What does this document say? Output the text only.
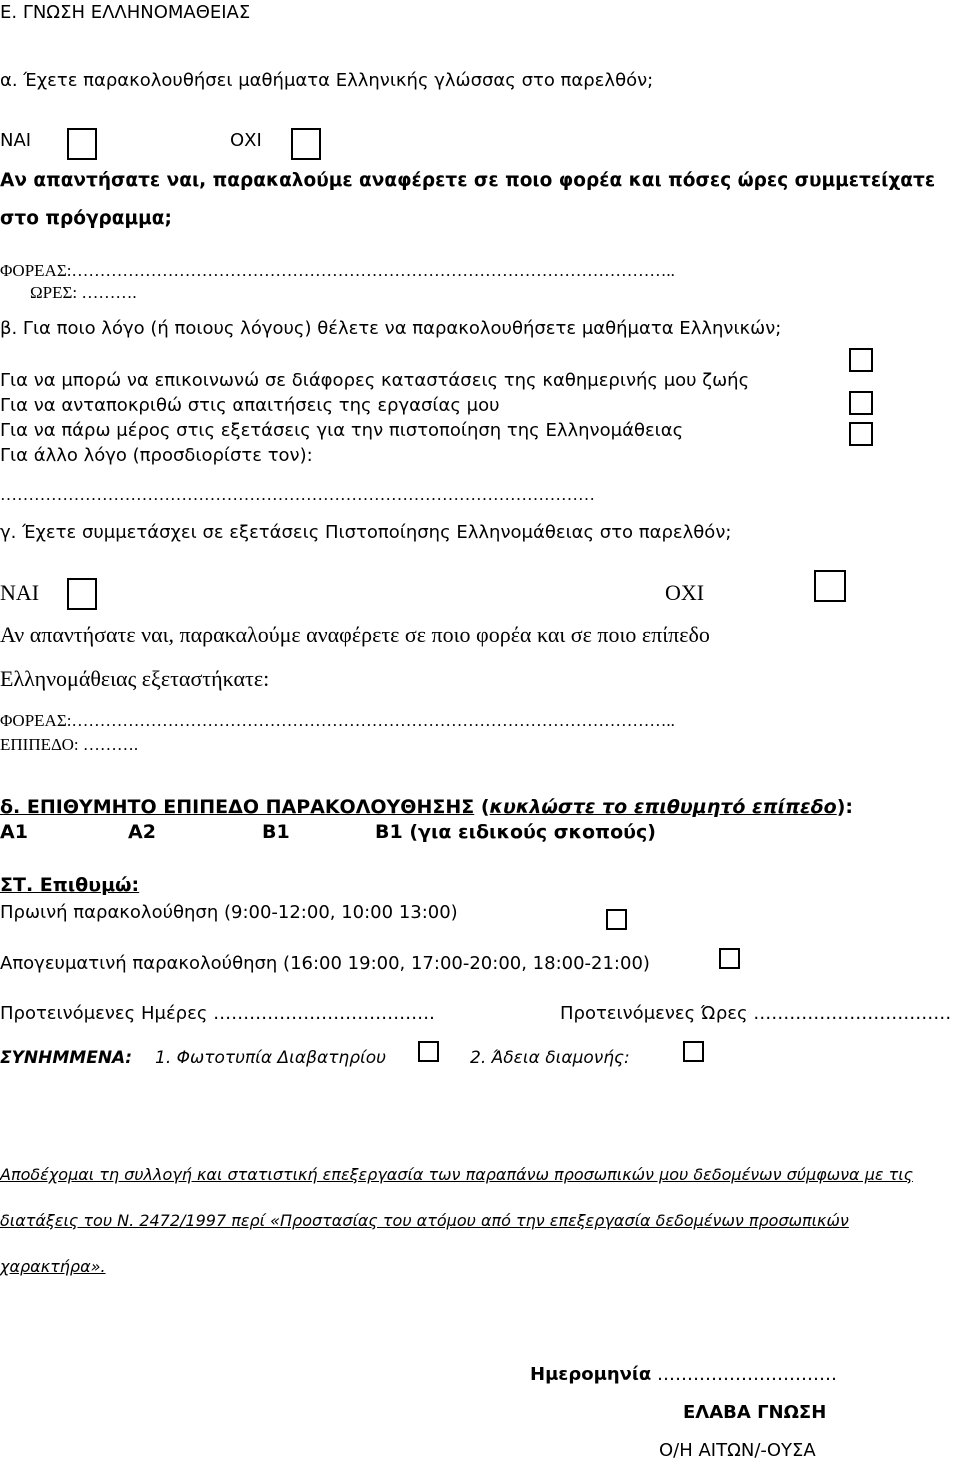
Ε. ΓΝΩΣΗ ΕΛΛΗΝΟΜΑΘΕΙΑΣ
α. Έχετε παρακολουθήσει μαθήματα Ελληνικής γλώσσας στο παρελθόν;
ΝΑΙ	ΟΧΙ
Αν απαντήσατε ναι, παρακαλούμε αναφέρετε σε ποιο φορέα και πόσες ώρες συμμετείχατε
στο πρόγραμμα;
ΦΟΡΕΑΣ:……………………………………………………………………………………………..
ΩΡΕΣ: ……….
β. Για ποιο λόγο (ή ποιους λόγους) θέλετε να παρακολουθήσετε μαθήματα Ελληνικών;
Για να μπορώ να επικοινωνώ σε διάφορες καταστάσεις της καθημερινής μου ζωής
Για να ανταποκριθώ στις απαιτήσεις της εργασίας μου
Για να πάρω μέρος στις εξετάσεις για την πιστοποίηση της Ελληνομάθειας
Για άλλο λόγο (προσδιορίστε τον):
……………………………………………………………………………………………
γ. Έχετε συμμετάσχει σε εξετάσεις Πιστοποίησης Ελληνομάθειας στο παρελθόν;
ΝΑΙ	ΟΧΙ
Αν απαντήσατε ναι, παρακαλούμε αναφέρετε σε ποιο φορέα και σε ποιο επίπεδο
Ελληνομάθειας εξεταστήκατε:
ΦΟΡΕΑΣ:……………………………………………………………………………………………..
ΕΠΙΠΕΔΟ: ……….
δ. ΕΠΙΘΥΜΗΤΟ ΕΠΙΠΕΔΟ ΠΑΡΑΚΟΛΟΥΘΗΣΗΣ (κυκλώστε το επιθυμητό επίπεδο):
Α1	Α2	Β1	Β1 (για ειδικούς σκοπούς)
ΣΤ. Επιθυμώ:
Πρωινή παρακολούθηση (9:00-12:00, 10:00 13:00)
Απογευματινή παρακολούθηση (16:00 19:00, 17:00-20:00, 18:00-21:00)
Προτεινόμενες Ημέρες ……………………………….	Προτεινόμενες Ώρες ……………………………
ΣΥΝΗΜΜΕΝΑ: 1. Φωτοτυπία Διαβατηρίου	2. Άδεια διαμονής:
Αποδέχομαι τη συλλογή και στατιστική επεξεργασία των παραπάνω προσωπικών μου δεδομένων σύμφωνα με τις
διατάξεις του Ν. 2472/1997 περί «Προστασίας του ατόμου από την επεξεργασία δεδομένων προσωπικών
χαρακτήρα».
Ημερομηνία …………………………
ΕΛΑΒΑ ΓΝΩΣΗ
Ο/Η ΑΙΤΩΝ/-ΟΥΣΑ
